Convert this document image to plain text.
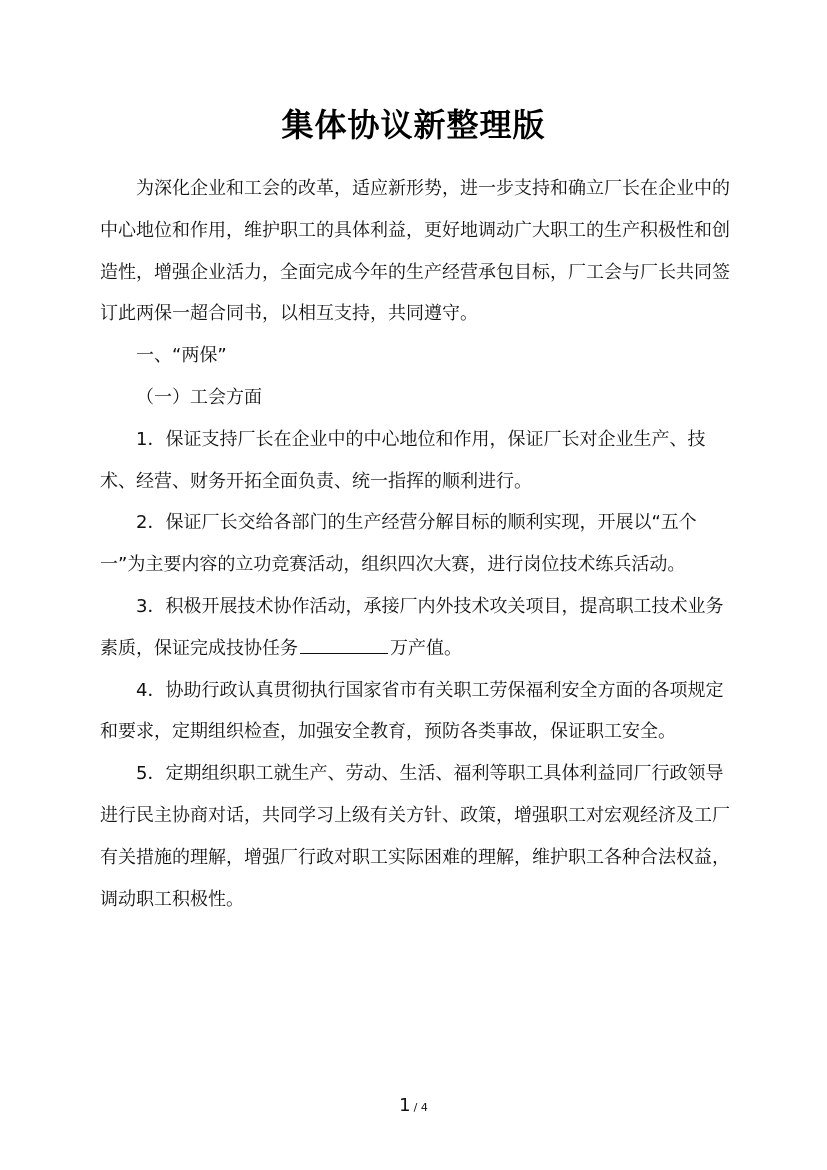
集体协议新整理版

为深化企业和工会的改革，适应新形势，进一步支持和确立厂长在企业中的中心地位和作用，维护职工的具体利益，更好地调动广大职工的生产积极性和创造性，增强企业活力，全面完成今年的生产经营承包目标，厂工会与厂长共同签订此两保一超合同书，以相互支持，共同遵守。

一、“两保”

（一）工会方面

1．保证支持厂长在企业中的中心地位和作用，保证厂长对企业生产、技术、经营、财务开拓全面负责、统一指挥的顺利进行。

2．保证厂长交给各部门的生产经营分解目标的顺利实现，开展以“五个一”为主要内容的立功竞赛活动，组织四次大赛，进行岗位技术练兵活动。

3．积极开展技术协作活动，承接厂内外技术攻关项目，提高职工技术业务素质，保证完成技协任务	万产值。

4．协助行政认真贯彻执行国家省市有关职工劳保福利安全方面的各项规定和要求，定期组织检查，加强安全教育，预防各类事故，保证职工安全。

5．定期组织职工就生产、劳动、生活、福利等职工具体利益同厂行政领导进行民主协商对话，共同学习上级有关方针、政策，增强职工对宏观经济及工厂有关措施的理解，增强厂行政对职工实际困难的理解，维护职工各种合法权益，调动职工积极性。

1 / 4
